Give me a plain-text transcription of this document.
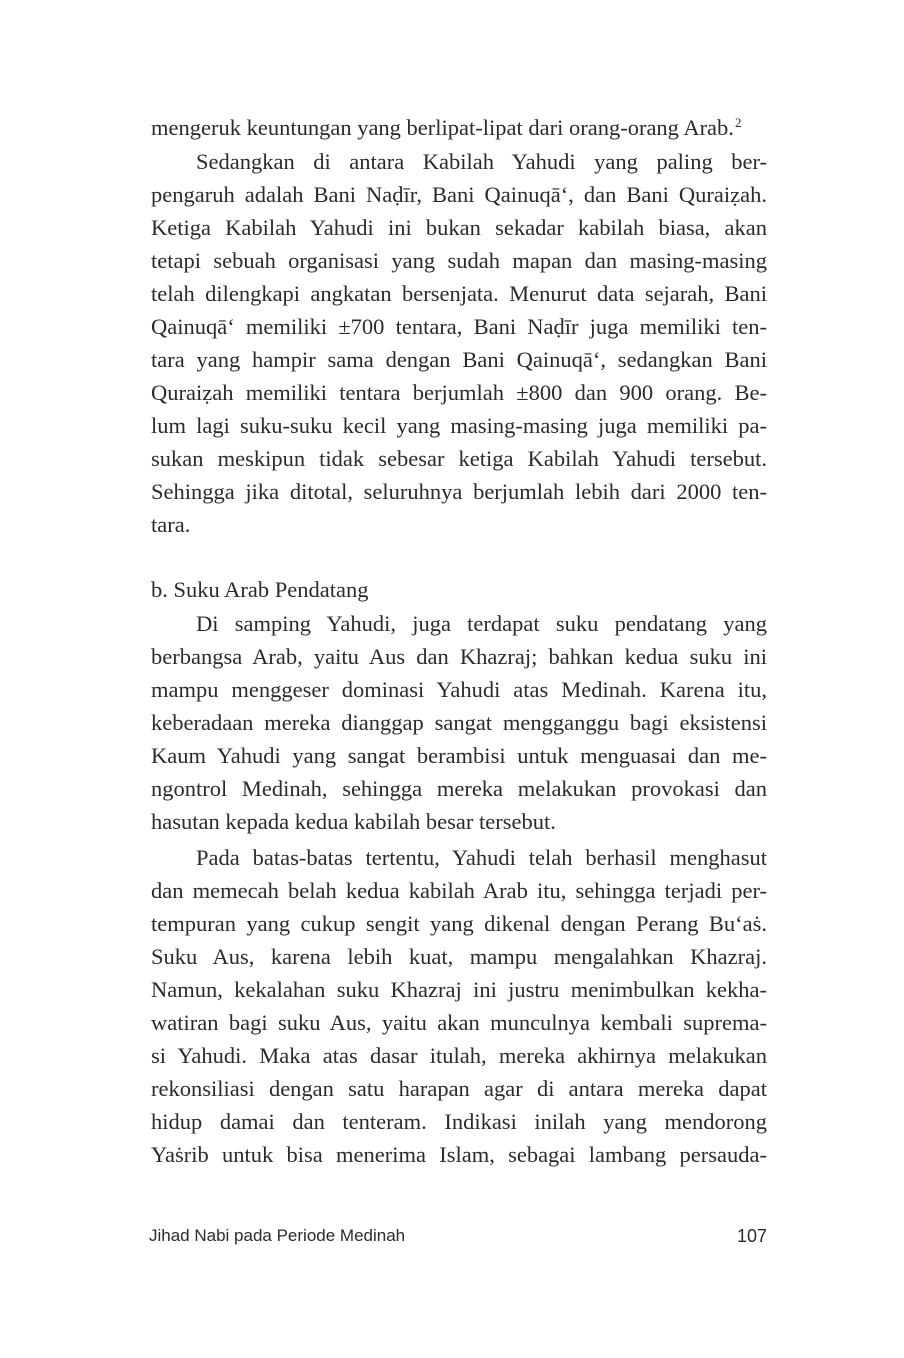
mengeruk keuntungan yang berlipat-lipat dari orang-orang Arab.$^2$
Sedangkan di antara Kabilah Yahudi yang paling ber-
pengaruh adalah Bani Naḍīr, Bani Qainuqā‘, dan Bani Quraiẓah.
Ketiga Kabilah Yahudi ini bukan sekadar kabilah biasa, akan
tetapi sebuah organisasi yang sudah mapan dan masing-masing
telah dilengkapi angkatan bersenjata. Menurut data sejarah, Bani
Qainuqā‘ memiliki ±700 tentara, Bani Naḍīr juga memiliki ten-
tara yang hampir sama dengan Bani Qainuqā‘, sedangkan Bani
Quraiẓah memiliki tentara berjumlah ±800 dan 900 orang. Be-
lum lagi suku-suku kecil yang masing-masing juga memiliki pa-
sukan meskipun tidak sebesar ketiga Kabilah Yahudi tersebut.
Sehingga jika ditotal, seluruhnya berjumlah lebih dari 2000 ten-
tara.
b. Suku Arab Pendatang
Di samping Yahudi, juga terdapat suku pendatang yang
berbangsa Arab, yaitu Aus dan Khazraj; bahkan kedua suku ini
mampu menggeser dominasi Yahudi atas Medinah. Karena itu,
keberadaan mereka dianggap sangat mengganggu bagi eksistensi
Kaum Yahudi yang sangat berambisi untuk menguasai dan me-
ngontrol Medinah, sehingga mereka melakukan provokasi dan
hasutan kepada kedua kabilah besar tersebut.
Pada batas-batas tertentu, Yahudi telah berhasil menghasut
dan memecah belah kedua kabilah Arab itu, sehingga terjadi per-
tempuran yang cukup sengit yang dikenal dengan Perang Bu‘aṡ.
Suku Aus, karena lebih kuat, mampu mengalahkan Khazraj.
Namun, kekalahan suku Khazraj ini justru menimbulkan kekha-
watiran bagi suku Aus, yaitu akan munculnya kembali suprema-
si Yahudi. Maka atas dasar itulah, mereka akhirnya melakukan
rekonsiliasi dengan satu harapan agar di antara mereka dapat
hidup damai dan tenteram. Indikasi inilah yang mendorong
Yaṡrib untuk bisa menerima Islam, sebagai lambang persauda-
Jihad Nabi pada Periode Medinah	107
